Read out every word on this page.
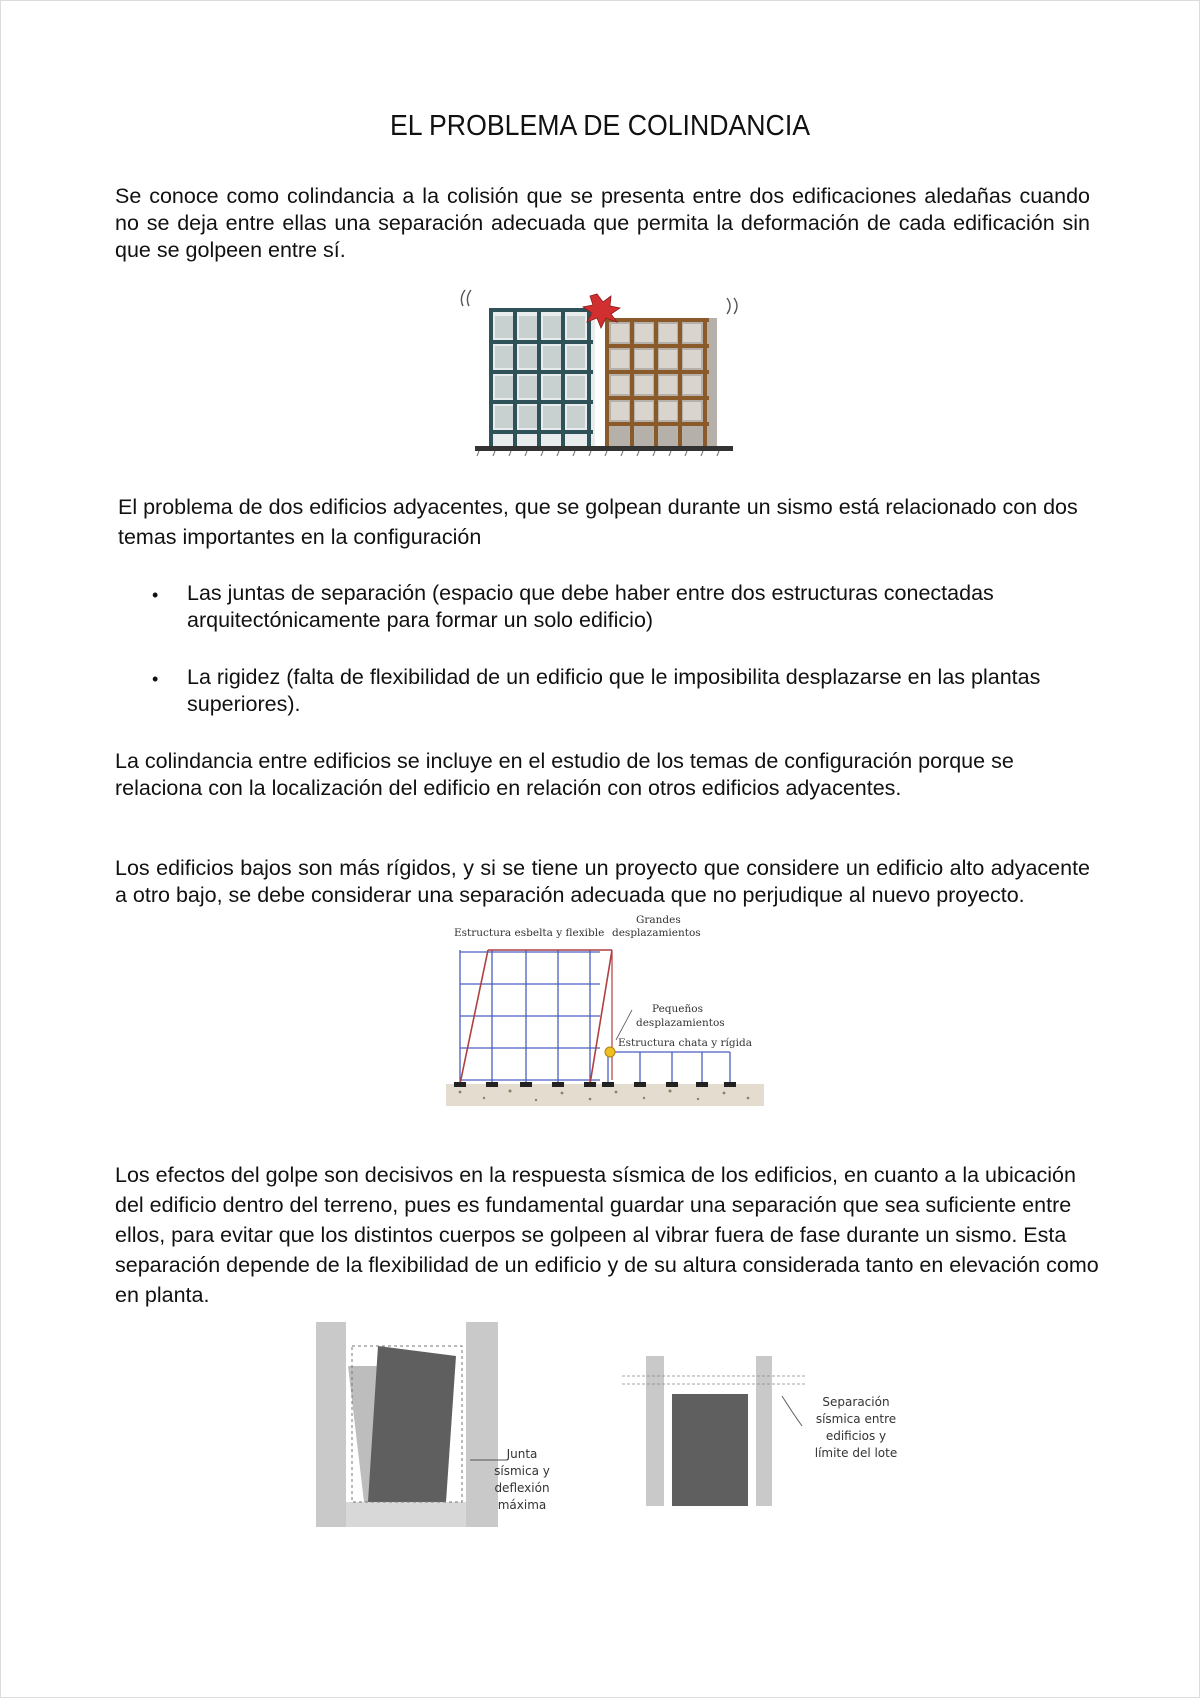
EL PROBLEMA DE COLINDANCIA

Se conoce como colindancia a la colisión que se presenta entre dos edificaciones aledañas cuando no se deja entre ellas una separación adecuada que permita la deformación de cada edificación sin que se golpeen entre sí.

El problema de dos edificios adyacentes, que se golpean durante un sismo está relacionado con dos temas importantes en la configuración

• Las juntas de separación (espacio que debe haber entre dos estructuras conectadas arquitectónicamente para formar un solo edificio)

• La rigidez (falta de flexibilidad de un edificio que le imposibilita desplazarse en las plantas superiores).

La colindancia entre edificios se incluye en el estudio de los temas de configuración porque se relaciona con la localización del edificio en relación con otros edificios adyacentes.

Los edificios bajos son más rígidos, y si se tiene un proyecto que considere un edificio alto adyacente a otro bajo, se debe considerar una separación adecuada que no perjudique al nuevo proyecto.

Estructura esbelta y flexible
Grandes
desplazamientos
Pequeños
desplazamientos
Estructura chata y rígida

Los efectos del golpe son decisivos en la respuesta sísmica de los edificios, en cuanto a la ubicación del edificio dentro del terreno, pues es fundamental guardar una separación que sea suficiente entre ellos, para evitar que los distintos cuerpos se golpeen al vibrar fuera de fase durante un sismo. Esta separación depende de la flexibilidad de un edificio y de su altura considerada tanto en elevación como en planta.

Junta
sísmica y
deflexión
máxima
Separación
sísmica entre
edificios y
límite del lote
